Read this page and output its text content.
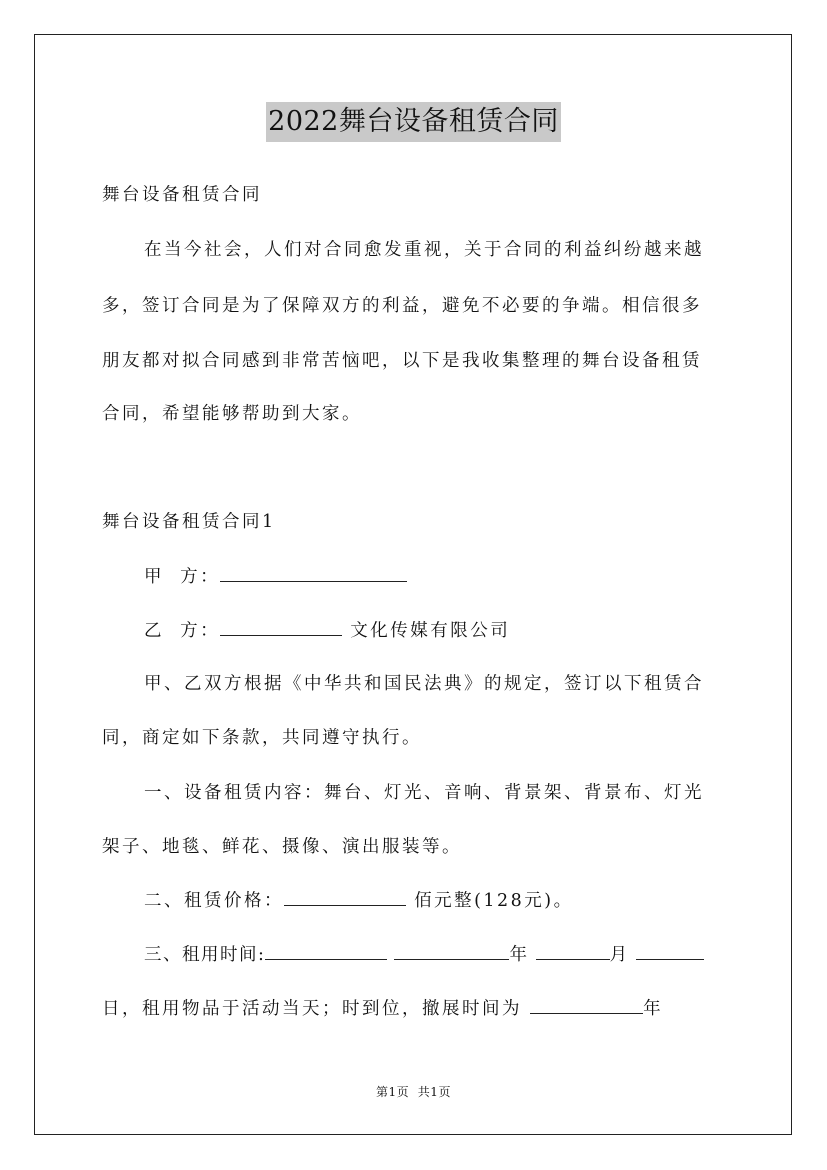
2022舞台设备租赁合同
舞台设备租赁合同
在当今社会，人们对合同愈发重视，关于合同的利益纠纷越来越
多，签订合同是为了保障双方的利益，避免不必要的争端。相信很多
朋友都对拟合同感到非常苦恼吧，以下是我收集整理的舞台设备租赁
合同，希望能够帮助到大家。
舞台设备租赁合同1
甲  方：
乙  方：	文化传媒有限公司
甲、乙双方根据《中华共和国民法典》的规定，签订以下租赁合
同，商定如下条款，共同遵守执行。
一、设备租赁内容：舞台、灯光、音响、背景架、背景布、灯光
架子、地毯、鲜花、摄像、演出服装等。
二、租赁价格：	佰元整(128元)。
三、租用时间:	年	月
日，租用物品于活动当天；时到位，撤展时间为	年
第1页  共1页
